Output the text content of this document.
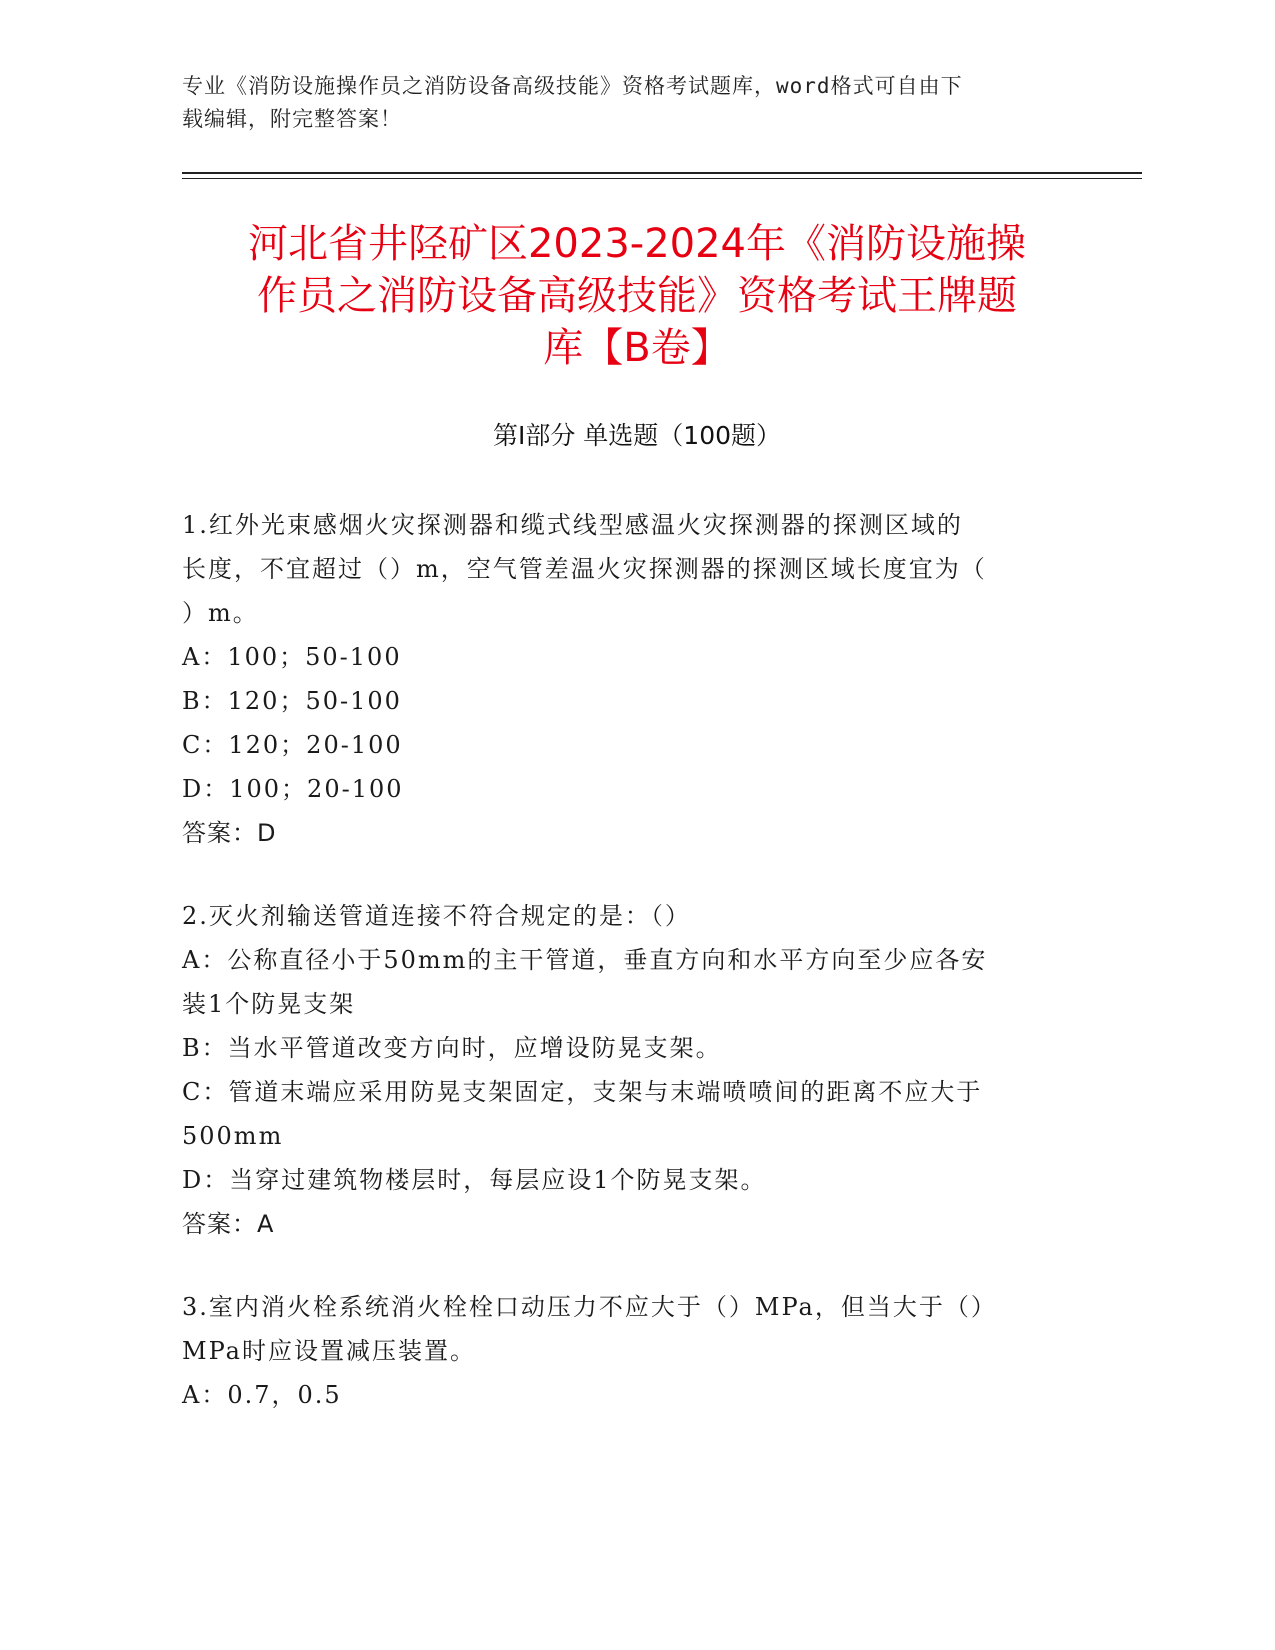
专业《消防设施操作员之消防设备高级技能》资格考试题库，word格式可自由下

载编辑，附完整答案！

河北省井陉矿区2023-2024年《消防设施操
作员之消防设备高级技能》资格考试王牌题
库【B卷】
第Ⅰ部分 单选题（100题）

1.红外光束感烟火灾探测器和缆式线型感温火灾探测器的探测区域的

长度，不宜超过（）m，空气管差温火灾探测器的探测区域长度宜为（

）m。

A：100；50-100

B：120；50-100

C：120；20-100

D：100；20-100

答案：D

2.灭火剂输送管道连接不符合规定的是：（）

A：公称直径小于50mm的主干管道，垂直方向和水平方向至少应各安

装1个防晃支架

B：当水平管道改变方向时，应增设防晃支架。

C：管道末端应采用防晃支架固定，支架与末端喷喷间的距离不应大于

500mm

D：当穿过建筑物楼层时，每层应设1个防晃支架。

答案：A

3.室内消火栓系统消火栓栓口动压力不应大于（）MPa，但当大于（）

MPa时应设置减压装置。

A：0.7，0.5
